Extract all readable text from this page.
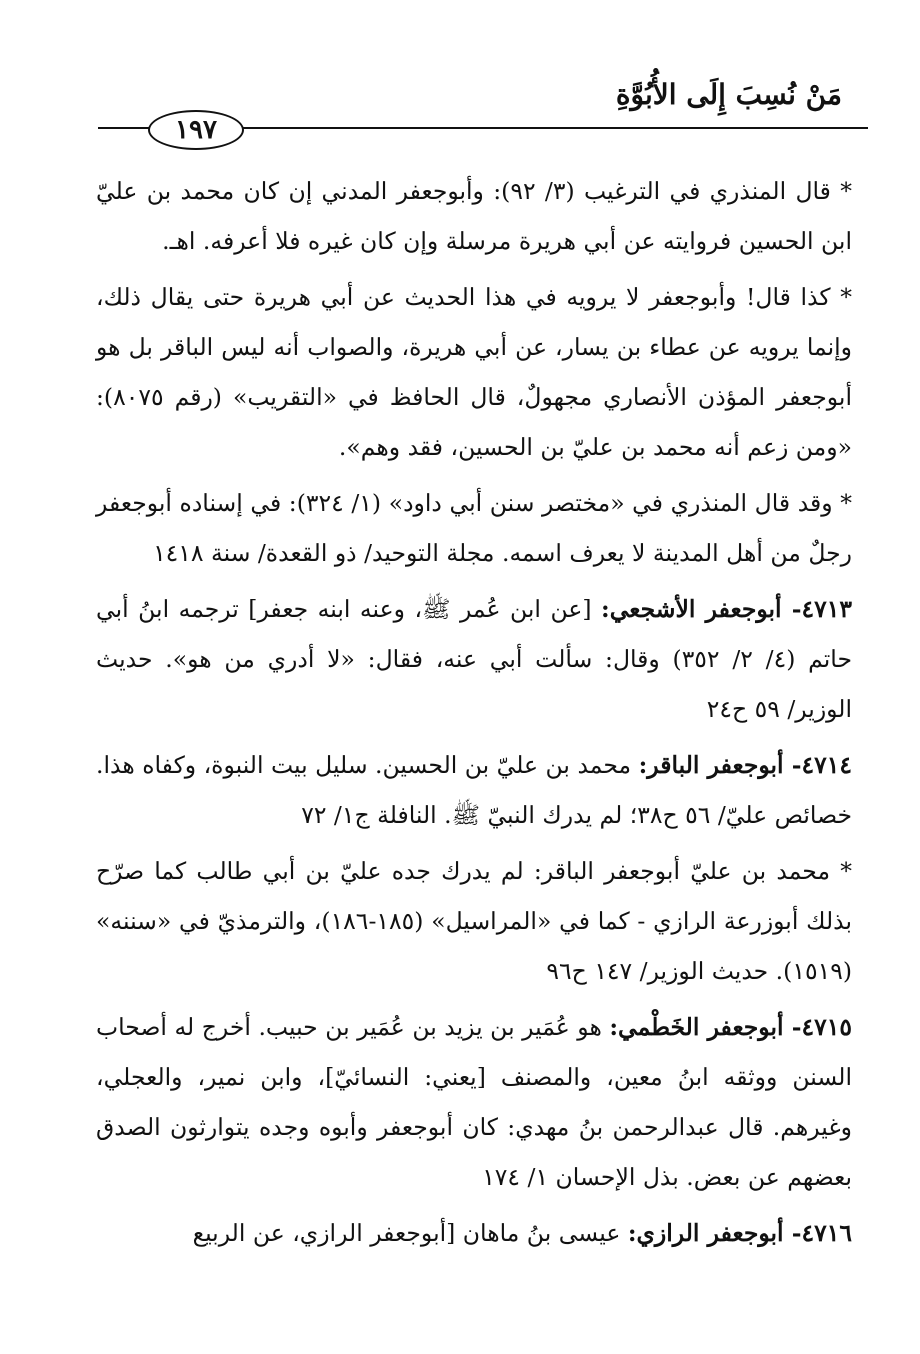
مَنْ نُسِبَ إِلَى الأُبُوَّةِ
١٩٧

* قال المنذري في الترغيب (٣/ ٩٢): وأبوجعفر المدني إن كان محمد بن عليّ ابن الحسين فروايته عن أبي هريرة مرسلة وإن كان غيره فلا أعرفه. اهـ.

* كذا قال! وأبوجعفر لا يرويه في هذا الحديث عن أبي هريرة حتى يقال ذلك، وإنما يرويه عن عطاء بن يسار، عن أبي هريرة، والصواب أنه ليس الباقر بل هو أبوجعفر المؤذن الأنصاري مجهولٌ، قال الحافظ في «التقريب» (رقم ٨٠٧٥): «ومن زعم أنه محمد بن عليّ بن الحسين، فقد وهم».

* وقد قال المنذري في «مختصر سنن أبي داود» (١/ ٣٢٤): في إسناده أبوجعفر رجلٌ من أهل المدينة لا يعرف اسمه. مجلة التوحيد/ ذو القعدة/ سنة ١٤١٨

٤٧١٣- أبوجعفر الأشجعي: [عن ابن عُمر ﷺ، وعنه ابنه جعفر] ترجمه ابنُ أبي حاتم (٤/ ٢/ ٣٥٢) وقال: سألت أبي عنه، فقال: «لا أدري من هو». حديث الوزير/ ٥٩ ح٢٤

٤٧١٤- أبوجعفر الباقر: محمد بن عليّ بن الحسين. سليل بيت النبوة، وكفاه هذا. خصائص عليّ/ ٥٦ ح٣٨؛ لم يدرك النبيّ ﷺ. النافلة ج١/ ٧٢

* محمد بن عليّ أبوجعفر الباقر: لم يدرك جده عليّ بن أبي طالب كما صرّح بذلك أبوزرعة الرازي - كما في «المراسيل» (١٨٥-١٨٦)، والترمذيّ في «سننه» (١٥١٩). حديث الوزير/ ١٤٧ ح٩٦

٤٧١٥- أبوجعفر الخَطْمي: هو عُمَير بن يزيد بن عُمَير بن حبيب. أخرج له أصحاب السنن ووثقه ابنُ معين، والمصنف [يعني: النسائيّ]، وابن نمير، والعجلي، وغيرهم. قال عبدالرحمن بنُ مهدي: كان أبوجعفر وأبوه وجده يتوارثون الصدق بعضهم عن بعض. بذل الإحسان ١/ ١٧٤

٤٧١٦- أبوجعفر الرازي: عيسى بنُ ماهان [أبوجعفر الرازي، عن الربيع
